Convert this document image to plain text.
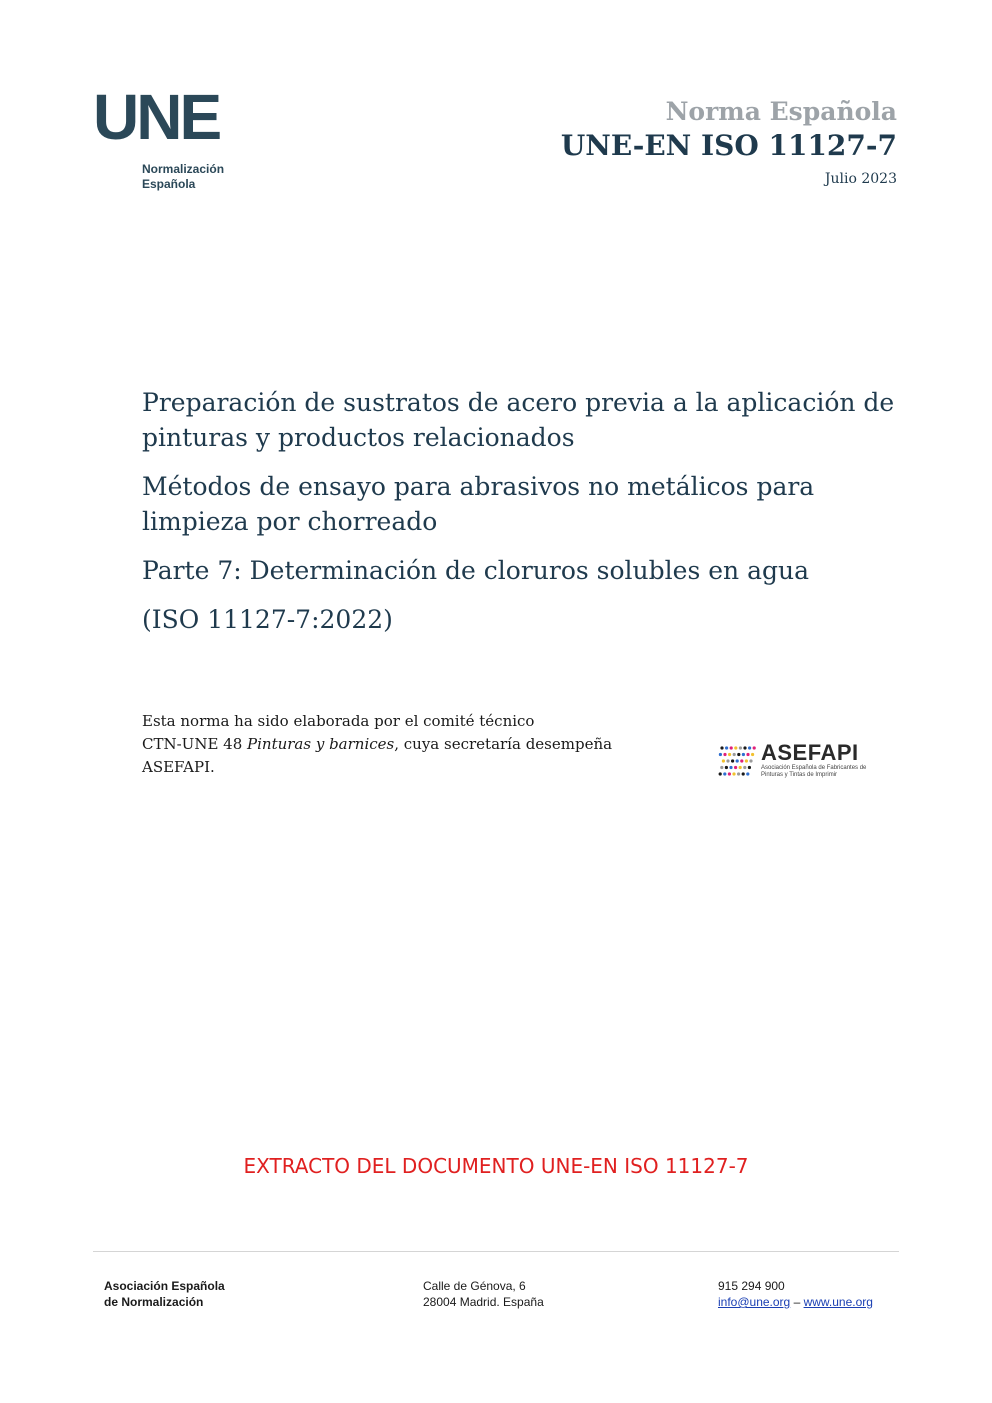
UNE
Normalización
Española
Norma Española
UNE-EN ISO 11127-7
Julio 2023

Preparación de sustratos de acero previa a la aplicación de pinturas y productos relacionados

Métodos de ensayo para abrasivos no metálicos para limpieza por chorreado

Parte 7: Determinación de cloruros solubles en agua

(ISO 11127-7:2022)

Esta norma ha sido elaborada por el comité técnico
CTN-UNE 48 Pinturas y barnices, cuya secretaría desempeña
ASEFAPI.
ASEFAPI
Asociación Española de Fabricantes de Pinturas y Tintas de Imprimir
EXTRACTO DEL DOCUMENTO UNE-EN ISO 11127-7
Asociación Española
de Normalización
Calle de Génova, 6
28004 Madrid. España
915 294 900
info@une.org – www.une.org
